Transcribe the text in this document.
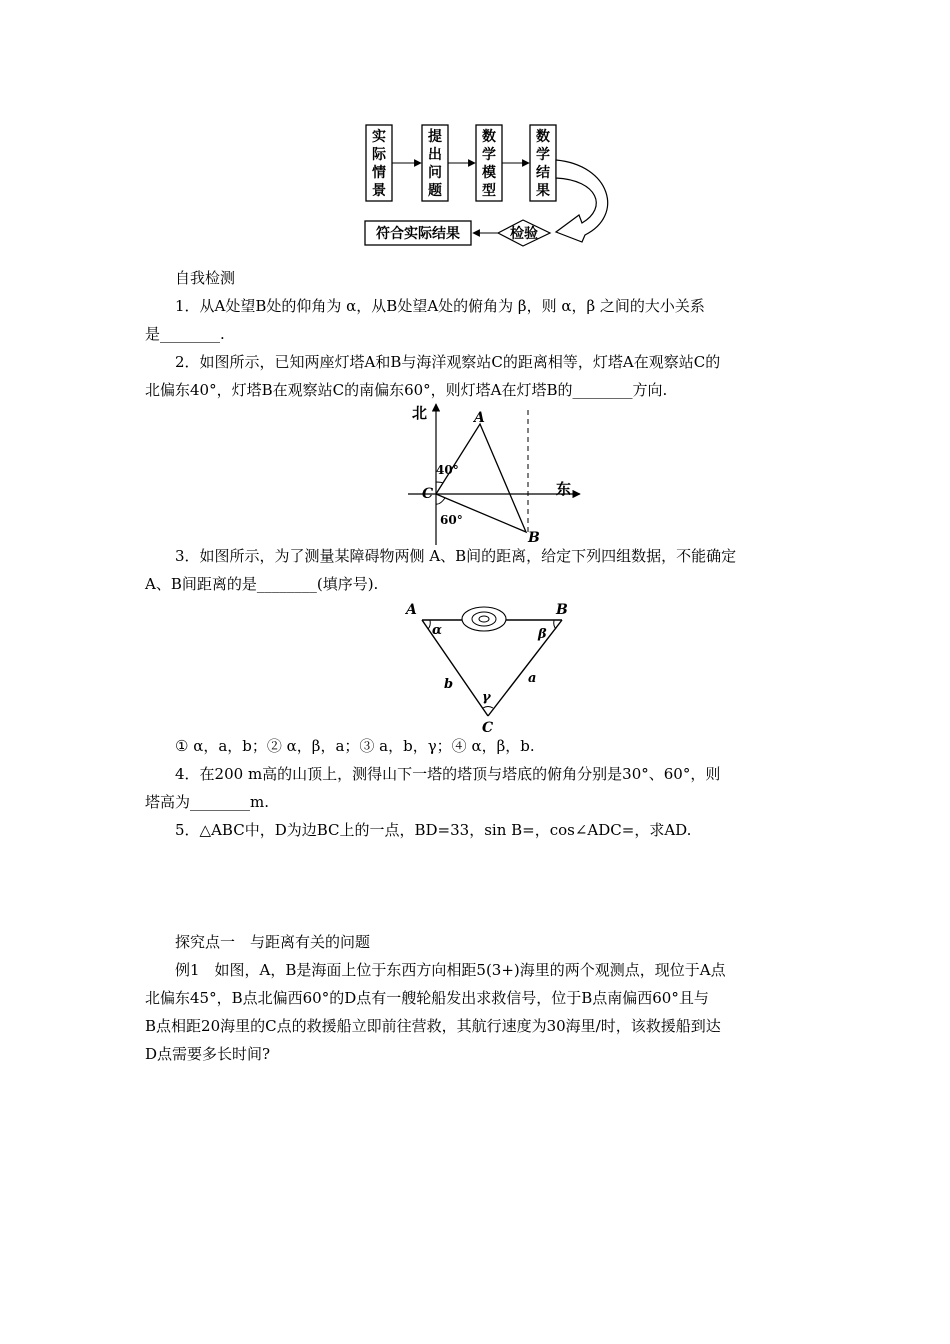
实
际
情
景
提
出
问
题
数
学
模
型
数
学
结
果
检验
符合实际结果
自我检测
1．从A处望B处的仰角为 α，从B处望A处的俯角为 β，则 α，β 之间的大小关系
是________.
2．如图所示，已知两座灯塔A和B与海洋观察站C的距离相等，灯塔A在观察站C的
北偏东40°，灯塔B在观察站C的南偏东60°，则灯塔A在灯塔B的________方向.
北
东
A
B
C
40°
60°
3．如图所示，为了测量某障碍物两侧 A、B间的距离，给定下列四组数据，不能确定
A、B间距离的是________(填序号).
A	B
C
α	β
γ
b	a
① α，a，b；② α，β，a；③ a，b，γ；④ α，β，b.
4．在200 m高的山顶上，测得山下一塔的塔顶与塔底的俯角分别是30°、60°，则
塔高为________m.
5．△ABC中，D为边BC上的一点，BD=33，sin B=，cos∠ADC=，求AD.
探究点一　与距离有关的问题
例1　如图，A，B是海面上位于东西方向相距5(3+)海里的两个观测点，现位于A点
北偏东45°，B点北偏西60°的D点有一艘轮船发出求救信号，位于B点南偏西60°且与
B点相距20海里的C点的救援船立即前往营救，其航行速度为30海里/时，该救援船到达
D点需要多长时间?
